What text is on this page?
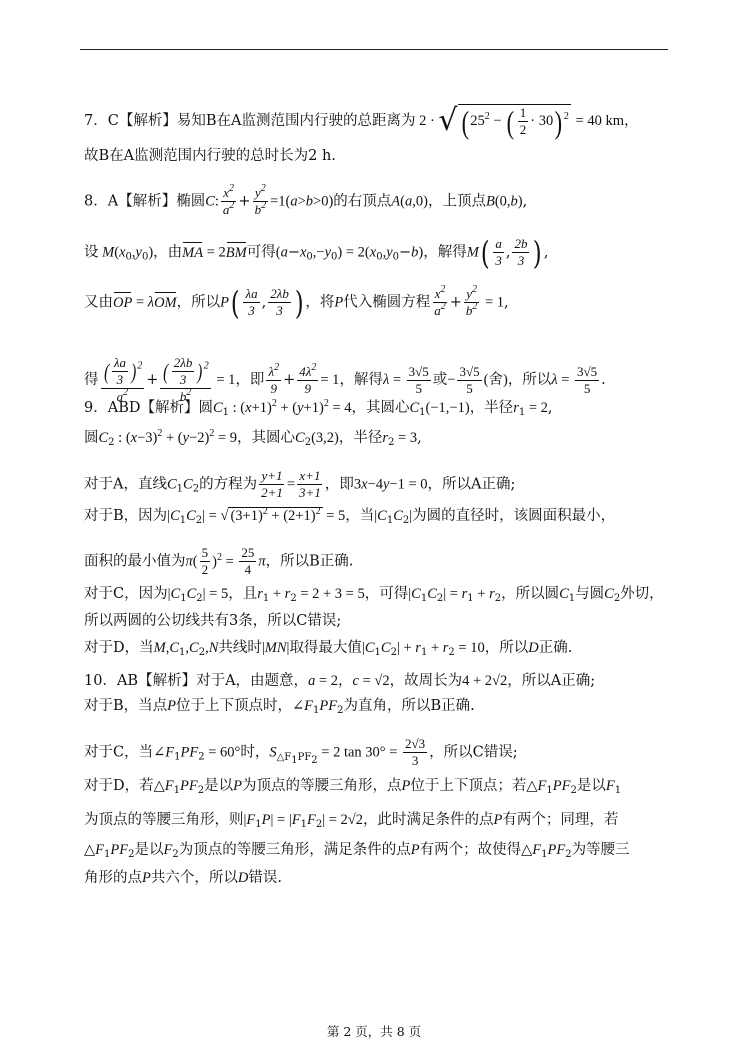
7．C【解析】易知B在A监测范围内行驶的总距离为 2 · √ ( $25^2$ − ( $\frac{1}{2} \cdot 30$) $^2$ = 40 km，
故B在A监测范围内行驶的总时长为2 h.
8．A【解析】椭圆C: $\frac{x^2}{a^2} + \frac{y^2}{b^2} =1(a>b>0)$的右顶点A(a,0)，上顶点B(0,b),
设 $M(x_0,y_0)$，由MA = 2BM可得$(a-x_0,-y_0) = 2(x_0,y_0-b)$，解得$M( \frac{a}{3}$ , $\frac{2b}{3}$ ) ,
又由OP = λOM，所以$P( \frac{\lambda a}{3}$ , $\frac{2\lambda b}{3}$ ) ，将P代入椭圆方程 $\frac{x^2}{a^2} + \frac{y^2}{b^2} = 1$,
得 $\frac{( \frac{\lambda a}{3} )^2}{a^2} + \frac{( \frac{2\lambda b}{3} )^2}{b^2} = 1$，即 $\frac{\lambda^2}{9} + \frac{4\lambda^2}{9} = 1$，解得$\lambda = \frac{3√5}{5}$ 或− $\frac{3√5}{5}$ (舍)，所以$\lambda = \frac{3√5}{5}$ .
9．ABD【解析】圆$C_1$ : $(x+1)^2 + (y+1)^2 = 4$，其圆心$C_1(-1,-1)$，半径$r_1 = 2$,
圆$C_2$ : $(x-3)^2 + (y-2)^2 = 9$，其圆心$C_2(3,2)$，半径$r_2 = 3$,
对于A，直线$C_1C_2$的方程为 $\frac{y+1}{2+1} = \frac{x+1}{3+1}$ ，即3x−4y−1 = 0，所以A正确;
对于B，因为$|C_1C_2|$ = √ $(3+1)^2 + (2+1)^2 = 5$，当$|C_1C_2|$为圆的直径时，该圆面积最小，
面积的最小值为$\pi( \frac{5}{2} )^2 = \frac{25}{4}$ π，所以B正确.
对于C，因为$|C_1C_2| = 5$，且$r_1 + r_2 = 2 + 3 = 5$，可得$|C_1C_2| = r_1 + r_2$，所以圆$C_1$与圆$C_2$外切，
所以两圆的公切线共有3条，所以C错误;
对于D，当$M,C_1,C_2,N$共线时|MN|取得最大值$|C_1C_2| + r_1 + r_2 = 10$，所以D正确.
10．AB【解析】对于A，由题意，a = 2，c = √2，故周长为4 + 2√2，所以A正确;
对于B，当点P位于上下顶点时，$\angle F_1PF_2$为直角，所以B正确.
对于C，当$\angle F_1PF_2 = 60^\circ$时，$S_{\triangle F_1PF_2} = 2$ $\tan 30^\circ = \frac{2√3}{3}$ ，所以C错误;
对于D，若$\triangle F_1PF_2$是以P为顶点的等腰三角形，点P位于上下顶点；若$\triangle F_1PF_2$是以$F_1$
为顶点的等腰三角形，则$|F_1P| = |F_1F_2| = 2√2$，此时满足条件的点P有两个；同理，若
$\triangle F_1PF_2$是以$F_2$为顶点的等腰三角形，满足条件的点P有两个；故使得$\triangle F_1PF_2$为等腰三
角形的点P共六个，所以D错误.
第 2 页，共 8 页
